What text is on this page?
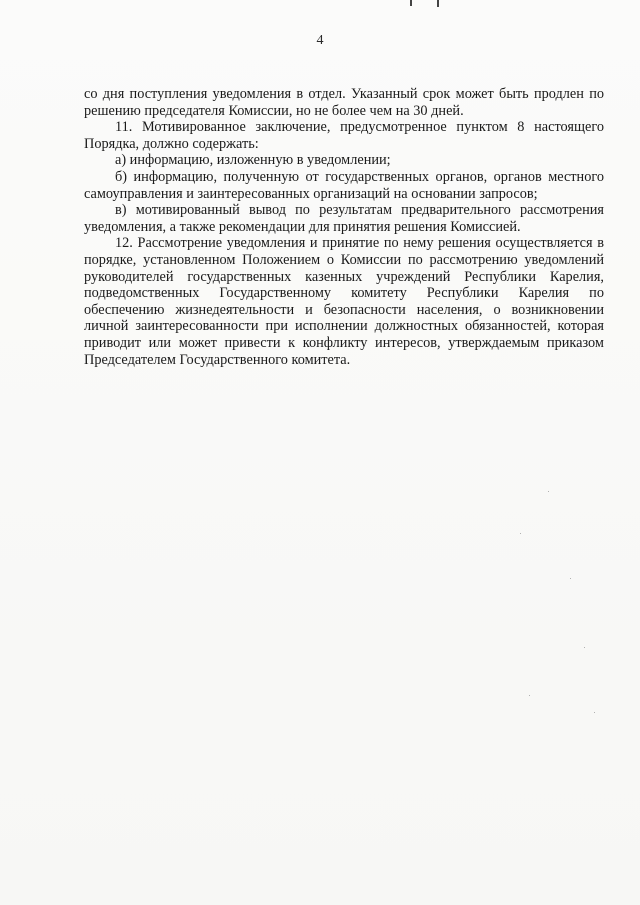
4

со дня поступления уведомления в отдел. Указанный срок может быть продлен по решению председателя Комиссии, но не более чем на 30 дней.

11. Мотивированное заключение, предусмотренное пунктом 8 настоящего Порядка, должно содержать:

а) информацию, изложенную в уведомлении;

б) информацию, полученную от государственных органов, органов местного самоуправления и заинтересованных организаций на основании запросов;

в) мотивированный вывод по результатам предварительного рассмотрения уведомления, а также рекомендации для принятия решения Комиссией.

12. Рассмотрение уведомления и принятие по нему решения осуществляется в порядке, установленном Положением о Комиссии по рассмотрению уведомлений руководителей государственных казенных учреждений Республики Карелия, подведомственных Государственному комитету Республики Карелия по обеспечению жизнедеятельности и безопасности населения, о возникновении личной заинтересованности при исполнении должностных обязанностей, которая приводит или может привести к конфликту интересов, утверждаемым приказом Председателем Государственного комитета.
